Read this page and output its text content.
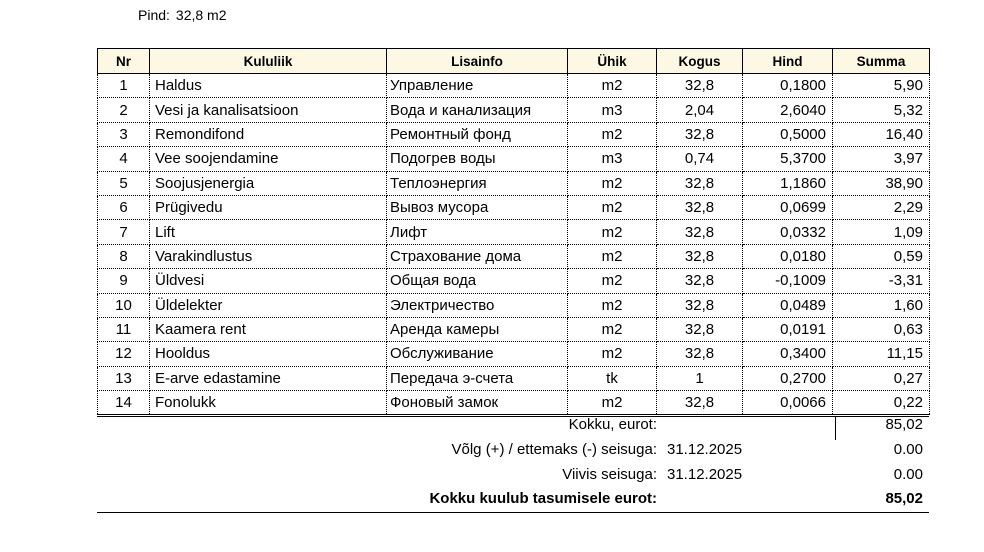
Pind: 32,8 m2
Nr	Kululiik	Lisainfo	Ühik	Kogus	Hind	Summa
1	Haldus	Управление	m2	32,8	0,1800	5,90
2	Vesi ja kanalisatsioon	Вода и канализация	m3	2,04	2,6040	5,32
3	Remondifond	Ремонтный фонд	m2	32,8	0,5000	16,40
4	Vee soojendamine	Подогрев воды	m3	0,74	5,3700	3,97
5	Soojusjenergia	Теплоэнергия	m2	32,8	1,1860	38,90
6	Prügivedu	Вывоз мусора	m2	32,8	0,0699	2,29
7	Lift	Лифт	m2	32,8	0,0332	1,09
8	Varakindlustus	Страхование дома	m2	32,8	0,0180	0,59
9	Üldvesi	Общая вода	m2	32,8	-0,1009	-3,31
10	Üldelekter	Электричество	m2	32,8	0,0489	1,60
11	Kaamera rent	Аренда камеры	m2	32,8	0,0191	0,63
12	Hooldus	Обслуживание	m2	32,8	0,3400	11,15
13	E-arve edastamine	Передача э-счета	tk	1	0,2700	0,27
14	Fonolukk	Фоновый замок	m2	32,8	0,0066	0,22
Kokku, eurot:	85,02
Võlg (+) / ettemaks (-) seisuga: 31.12.2025	0.00
Viivis seisuga: 31.12.2025	0.00
Kokku kuulub tasumisele eurot:	85,02
